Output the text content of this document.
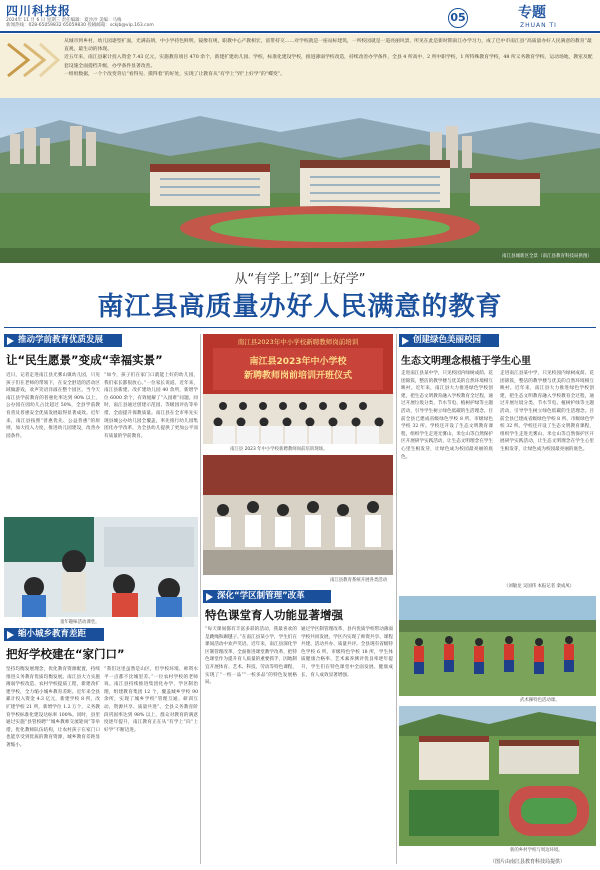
四川科技报
2024年 11 月 6 日 星期三 责任编辑：夏沙沙 美编：马梅
新闻热线：028-65059832 65059830 投稿邮箱：sckjb@vip.163.com
05	专题
ZHUAN TI

从城市到乡村，幼儿园逐型扩面，光满奋朗，中小学持色鲜明，镜像有规，职教中心产教相宏，富带持交……对学校就是一座站标建筑，一所校园就是一道亮丽风景，所见在此是新时期南江办学习力，成了巴中市南江县“高质量办好人民满意的教育”最直观，最生动的体现。

近五年来，南江县累计投入资金 7.43 亿元，实施教育项目 470 余个，新建扩建幼儿园、学校，标准化建设学校，推进薄弱学校改造，持续改善办学条件，全县 4 所高中、2 所中职学校，1 所特殊教育学校，48 所义务教育学校、运动场地，教室及配套设施全面提档升级，办学条件显著改善。

一组组数据，一个个改变背后“看得见、摸得着”的好处，实现了让教育从“有学上”到“上好学”的“蝶变”。

南江县城新区全景（南江县教育科技局供图）
从“有学上”到“上好学”
南江县高质量办好人民满意的教育
推动学前教育优质发展
让“民生愿景”变成“幸福实景”
近日，记者走进南江县光雾山镇幼儿园，只见孩子们在老师的带领下，在安全舒适的活动区域做游戏，欢声笑语洋溢在整个园区。当今天南江县学前教育的普惠化率达到 90% 以上，公办园在园幼儿占比超过 50%，全县学前教育普及普惠安全优质发展取得显著成效。近年来，南江县按照“普惠优先、公益普惠”的原则，加大投入力度，推进幼儿园建设，改善办园条件。
“如今，孩子们在家门口就能上好的幼儿园，我们家长都很放心。”一位家长说道。近年来，南江县新建、改扩建幼儿园 40 余所，新增学位 6000 余个，有效缓解了“入园难”问题。同时，南江县通过创建示范园、等级园评估等举措，全面提升保教质量。南江县在全市率先实现县城公办幼儿园全覆盖，率先推行幼儿园集团化办学改革，为全县幼儿提供了更加公平而有质量的学前教育。
童年趣味活动课堂。
缩小城乡教育差距
把好学校建在“家门口”
坚持均衡发展理念，优化教育资源配置，持续推进义务教育优质均衡发展。南江县大力实施薄弱学校改造、农村学校提质工程，新建改扩建学校，全力缩小城乡教育差距。近年来全县累计投入资金 4.3 亿元，新建学校 8 所，改扩建学校 21 所，新增学位 1.2 万个，义务教育学校标准化建设达标率 100%。同时，县里通过实施“县管校聘”“城乡教师交流轮岗”等举措，优化教师队伍结构，让农村孩子在家门口也能享受到优质的教育资源，城乡教育差距显著缩小。
“我们这里虽然是山区，但学校环境、师资水平一点都不比城里差。”一位农村学校的老师说。南江县持续推进集团化办学、学区制治理，组建教育集团 12 个，覆盖城乡学校 90 余所，实现了城乡学校“管理互通、研训互动、资源共享、质量共进”。全县义务教育阶段巩固率达到 98% 以上，群众对教育的满意度逐年提升，南江教育正在从“有学上”向“上好学”不断迈进。
南江县2023年中小学校新聘教师岗前培训
南江县2023年中小学校
新聘教师岗前培训开班仪式
南江县 2023 年中小学校新聘教师岗前培训现场。
南江县教育系统开展各类活动
深化“学区制管理”改革
特色课堂育人功能显著增强
“每天课间都有丰富多彩的活动，我最喜欢的是跳绳和踢毽子。”在南江县某小学，学生们在课间活动中欢声笑语。近年来，南江县深化学区制管理改革，全面推进课堂教学改革，把特色课堂作为提升育人质量的重要抓手，因地制宜开展体育、艺术、科技、劳动等特色课程，实现了“一校一品”“一校多品”的特色发展格局。
通过学区制管理改革，县内优质学校带动薄弱学校共同发展，学区内实现了师资共享、课程共建、活动共办、质量共评。全县现有省级特色学校 6 所、市级特色学校 18 所，学生体质健康合格率、艺术素养测评优良率逐年提升，学生们在特色课堂中全面发展、健康成长，育人成效显著增强。
创建绿色美丽校园
生态文明理念根植于学生心里
走进南江县某中学，只见校园内绿树成荫、花团锦簇，整洁的教学楼与优美的自然环境相互映衬。近年来，南江县大力推进绿色学校创建，把生态文明教育融入学校教育全过程，通过开展垃圾分类、节水节电、植树护绿等主题活动，引导学生树立绿色低碳的生活理念。目前全县已建成省级绿色学校 8 所、市级绿色学校 32 所。学校还开设了生态文明教育课程，组织学生走进光雾山、米仓山等自然保护区开展研学实践活动，让生态文明理念在学生心里生根发芽，让绿色成为校园最亮丽的底色。
走进南江县某中学，只见校园内绿树成荫、花团锦簇，整洁的教学楼与优美的自然环境相互映衬。近年来，南江县大力推进绿色学校创建，把生态文明教育融入学校教育全过程，通过开展垃圾分类、节水节电、植树护绿等主题活动，引导学生树立绿色低碳的生活理念。目前全县已建成省级绿色学校 8 所、市级绿色学校 32 所。学校还开设了生态文明教育课程，组织学生走进光雾山、米仓山等自然保护区开展研学实践活动，让生态文明理念在学生心里生根发芽，让绿色成为校园最亮丽的底色。
（刘敏龙 吴国伟 本报记者 栾成凤）
武术操特色活动课。
新的乡村学校与周边环境。
（图片由南江县教育科技局提供）
